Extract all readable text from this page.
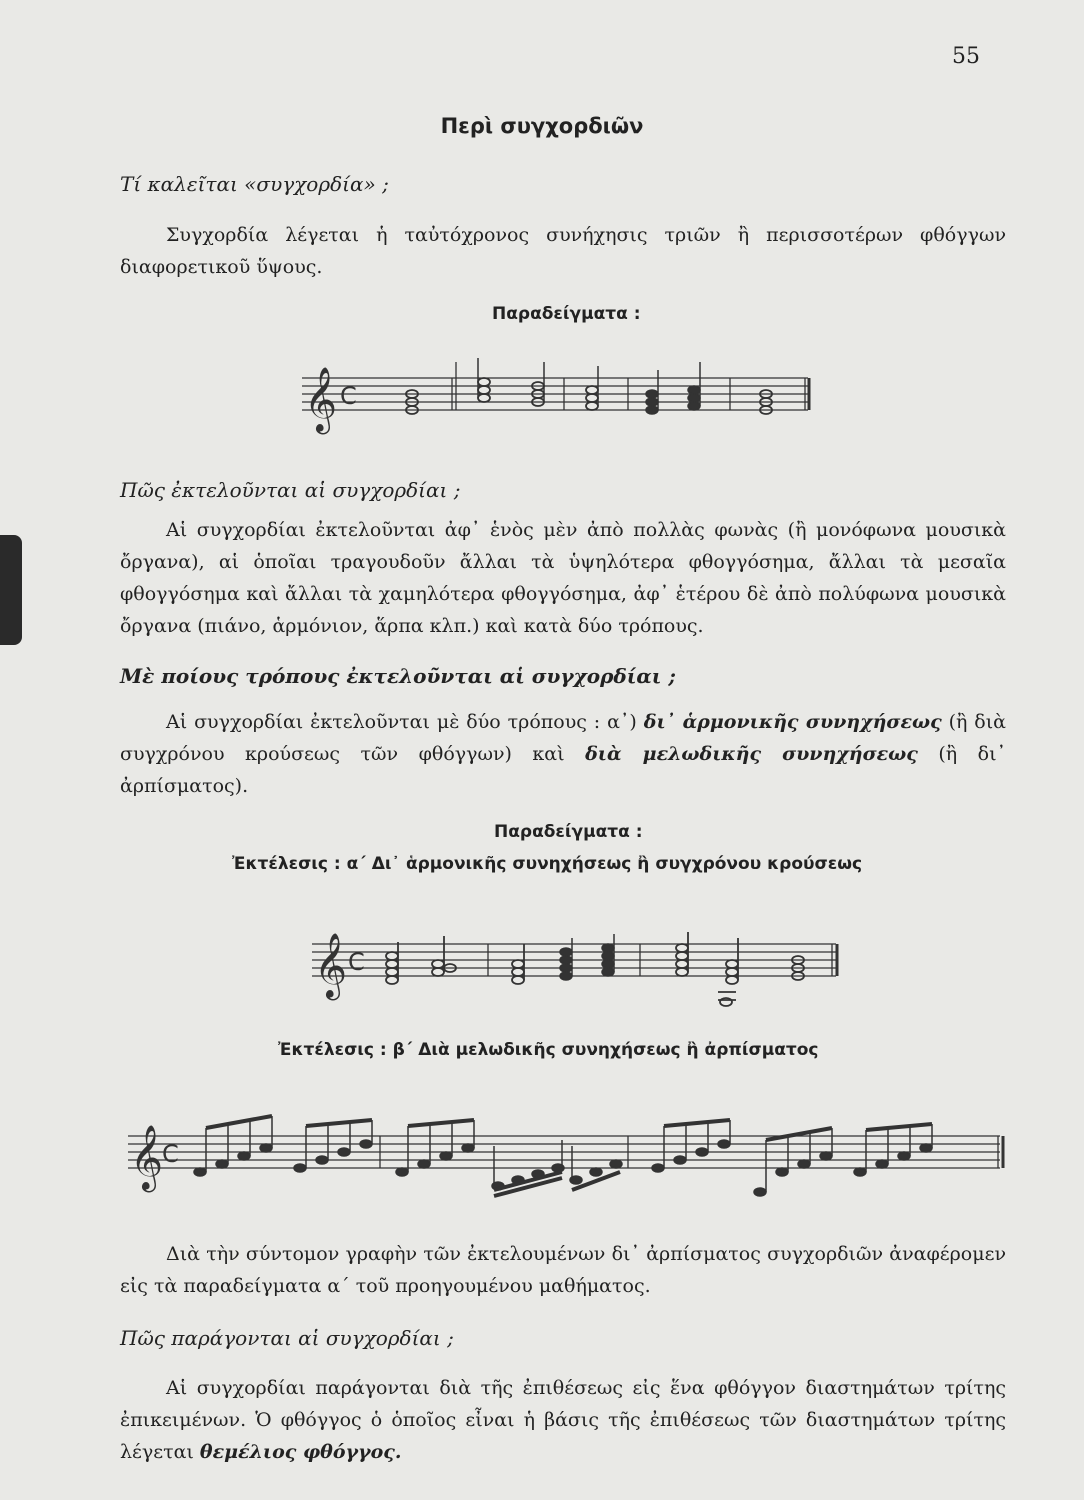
55
Περὶ συγχορδιῶν
Τί καλεῖται «συγχορδία» ;
Συγχορδία λέγεται ἡ ταὐτόχρονος συνήχησις τριῶν ἢ περισσοτέρων φθόγγων διαφορετικοῦ ὕψους.
Παραδείγματα :
𝄞 C
Πῶς ἐκτελοῦνται αἱ συγχορδίαι ;
Αἱ συγχορδίαι ἐκτελοῦνται ἀφ᾽ ἑνὸς μὲν ἀπὸ πολλὰς φωνὰς (ἢ μονόφωνα μουσικὰ ὄργανα), αἱ ὁποῖαι τραγουδοῦν ἄλλαι τὰ ὑψηλότερα φθογγόσημα, ἄλλαι τὰ μεσαῖα φθογγόσημα καὶ ἄλλαι τὰ χαμηλότερα φθογγόσημα, ἀφ᾽ ἑτέρου δὲ ἀπὸ πολύφωνα μουσικὰ ὄργανα (πιάνο, ἁρμόνιον, ἅρπα κλπ.) καὶ κατὰ δύο τρόπους.
Μὲ ποίους τρόπους ἐκτελοῦνται αἱ συγχορδίαι ;
Αἱ συγχορδίαι ἐκτελοῦνται μὲ δύο τρόπους : α᾽) δι᾽ ἁρμονικῆς συνηχήσεως (ἢ διὰ συγχρόνου κρούσεως τῶν φθόγγων) καὶ διὰ μελωδικῆς συνηχήσεως (ἢ δι᾽ ἀρπίσματος).
Παραδείγματα :
Ἐκτέλεσις : α΄ Δι᾽ ἁρμονικῆς συνηχήσεως ἢ συγχρόνου κρούσεως
𝄞 C
Ἐκτέλεσις : β΄ Διὰ μελωδικῆς συνηχήσεως ἢ ἀρπίσματος
𝄞
C
Διὰ τὴν σύντομον γραφὴν τῶν ἐκτελουμένων δι᾽ ἀρπίσματος συγχορδιῶν ἀναφέρομεν εἰς τὰ παραδείγματα α΄ τοῦ προηγουμένου μαθήματος.
Πῶς παράγονται αἱ συγχορδίαι ;
Αἱ συγχορδίαι παράγονται διὰ τῆς ἐπιθέσεως εἰς ἕνα φθόγγον διαστημάτων τρίτης ἐπικειμένων. Ὁ φθόγγος ὁ ὁποῖος εἶναι ἡ βάσις τῆς ἐπιθέσεως τῶν διαστημάτων τρίτης λέγεται θεμέλιος φθόγγος.
